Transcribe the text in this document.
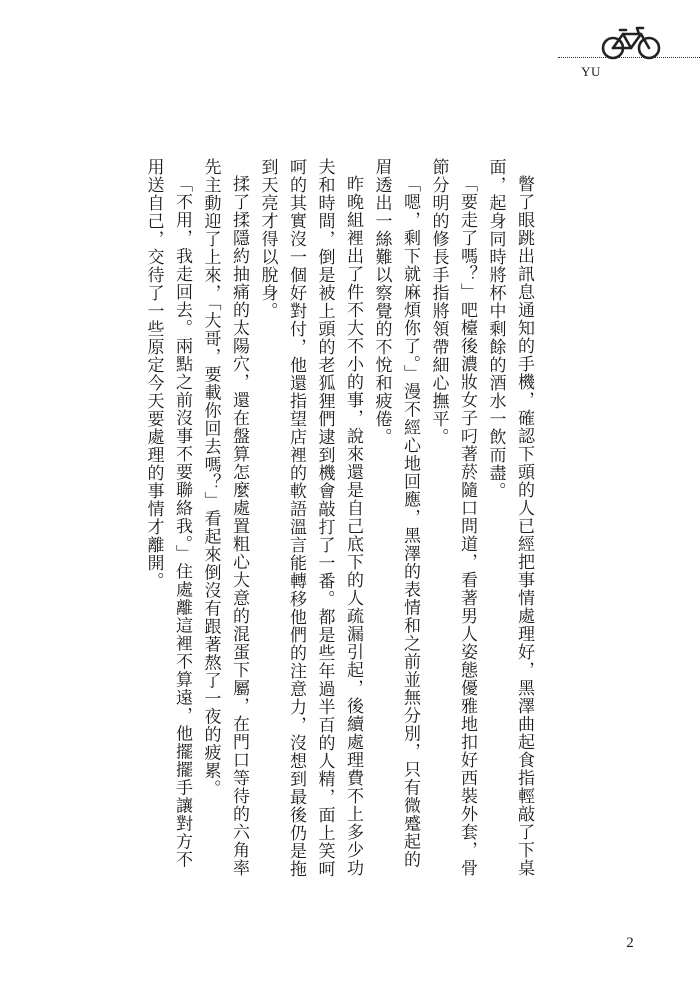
YU

瞥了眼跳出訊息通知的手機，確認下頭的人已經把事情處理好，黑澤曲起食指輕敲了下桌面，起身同時將杯中剩餘的酒水一飲而盡。

「要走了嗎？」吧檯後濃妝女子叼著菸隨口問道，看著男人姿態優雅地扣好西裝外套，骨節分明的修長手指將領帶細心撫平。

「嗯，剩下就麻煩你了。」漫不經心地回應，黑澤的表情和之前並無分別，只有微蹙起的眉透出一絲難以察覺的不悅和疲倦。

昨晚組裡出了件不大不小的事，說來還是自己底下的人疏漏引起，後續處理費不上多少功夫和時間，倒是被上頭的老狐狸們逮到機會敲打了一番。都是些年過半百的人精，面上笑呵呵的其實沒一個好對付，他還指望店裡的軟語溫言能轉移他們的注意力，沒想到最後仍是拖到天亮才得以脫身。

揉了揉隱約抽痛的太陽穴，還在盤算怎麼處置粗心大意的混蛋下屬，在門口等待的六角率先主動迎了上來，「大哥，要載你回去嗎？」看起來倒沒有跟著熬了一夜的疲累。

「不用，我走回去。兩點之前沒事不要聯絡我。」住處離這裡不算遠，他擺擺手讓對方不用送自己，交待了一些原定今天要處理的事情才離開。

2
